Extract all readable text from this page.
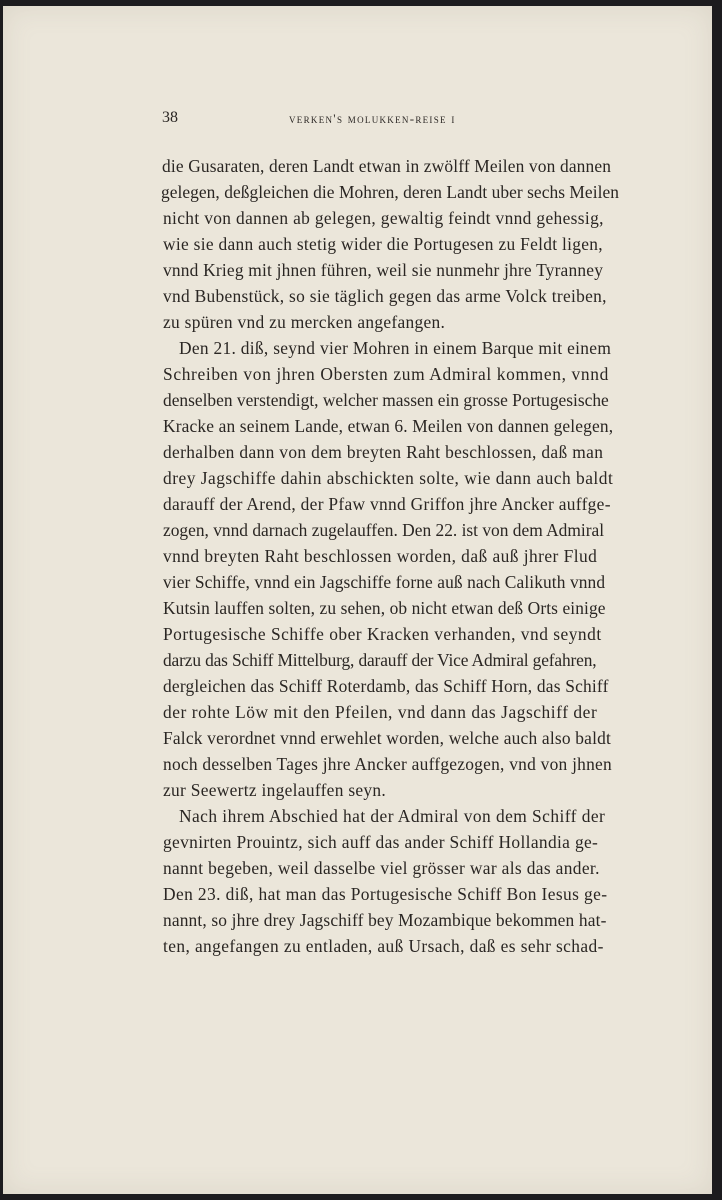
38	verken's molukken-reise i
die Gusaraten, deren Landt etwan in zwölff Meilen von dannen
gelegen, deßgleichen die Mohren, deren Landt uber sechs Meilen
nicht von dannen ab gelegen, gewaltig feindt vnnd gehessig,
wie sie dann auch stetig wider die Portugesen zu Feldt ligen,
vnnd Krieg mit jhnen führen, weil sie nunmehr jhre Tyranney
vnd Bubenstück, so sie täglich gegen das arme Volck treiben,
zu spüren vnd zu mercken angefangen.
Den 21. diß, seynd vier Mohren in einem Barque mit einem
Schreiben von jhren Obersten zum Admiral kommen, vnnd
denselben verstendigt, welcher massen ein grosse Portugesische
Kracke an seinem Lande, etwan 6. Meilen von dannen gelegen,
derhalben dann von dem breyten Raht beschlossen, daß man
drey Jagschiffe dahin abschickten solte, wie dann auch baldt
darauff der Arend, der Pfaw vnnd Griffon jhre Ancker auffge-
zogen, vnnd darnach zugelauffen. Den 22. ist von dem Admiral
vnnd breyten Raht beschlossen worden, daß auß jhrer Flud
vier Schiffe, vnnd ein Jagschiffe forne auß nach Calikuth vnnd
Kutsin lauffen solten, zu sehen, ob nicht etwan deß Orts einige
Portugesische Schiffe ober Kracken verhanden, vnd seyndt
darzu das Schiff Mittelburg, darauff der Vice Admiral gefahren,
dergleichen das Schiff Roterdamb, das Schiff Horn, das Schiff
der rohte Löw mit den Pfeilen, vnd dann das Jagschiff der
Falck verordnet vnnd erwehlet worden, welche auch also baldt
noch desselben Tages jhre Ancker auffgezogen, vnd von jhnen
zur Seewertz ingelauffen seyn.
Nach ihrem Abschied hat der Admiral von dem Schiff der
gevnirten Prouintz, sich auff das ander Schiff Hollandia ge-
nannt begeben, weil dasselbe viel grösser war als das ander.
Den 23. diß, hat man das Portugesische Schiff Bon Iesus ge-
nannt, so jhre drey Jagschiff bey Mozambique bekommen hat-
ten, angefangen zu entladen, auß Ursach, daß es sehr schad-
